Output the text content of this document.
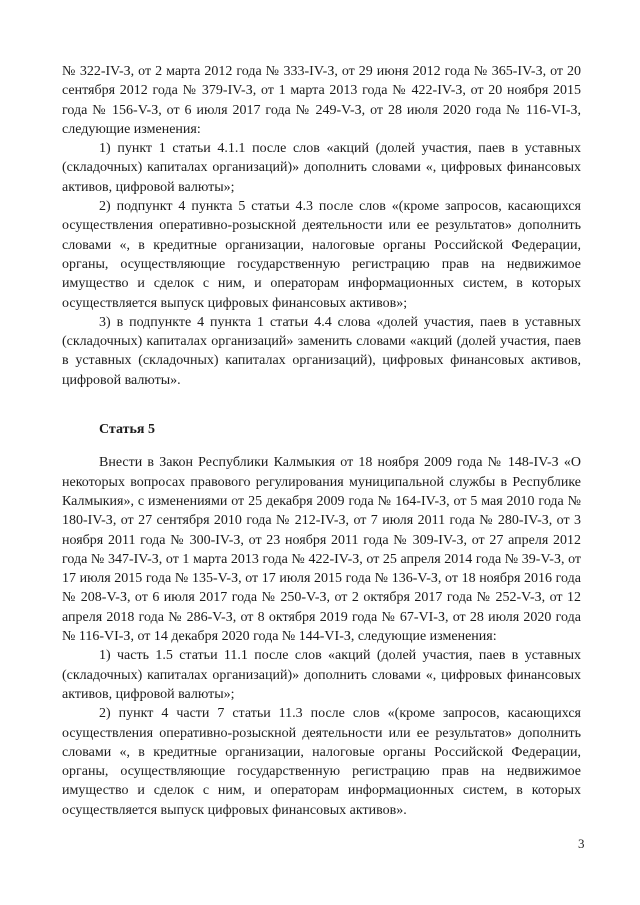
№ 322-IV-З, от 2 марта 2012 года № 333-IV-З, от 29 июня 2012 года № 365-IV-З, от 20 сентября 2012 года № 379-IV-З, от 1 марта 2013 года № 422-IV-З, от 20 ноября 2015 года № 156-V-З, от 6 июля 2017 года № 249-V-З, от 28 июля 2020 года № 116-VI-З, следующие изменения:

1) пункт 1 статьи 4.1.1 после слов «акций (долей участия, паев в уставных (складочных) капиталах организаций)» дополнить словами «, цифровых финансовых активов, цифровой валюты»;

2) подпункт 4 пункта 5 статьи 4.3 после слов «(кроме запросов, касающихся осуществления оперативно-розыскной деятельности или ее результатов» дополнить словами «, в кредитные организации, налоговые органы Российской Федерации, органы, осуществляющие государственную регистрацию прав на недвижимое имущество и сделок с ним, и операторам информационных систем, в которых осуществляется выпуск цифровых финансовых активов»;

3) в подпункте 4 пункта 1 статьи 4.4 слова «долей участия, паев в уставных (складочных) капиталах организаций» заменить словами «акций (долей участия, паев в уставных (складочных) капиталах организаций), цифровых финансовых активов, цифровой валюты».

Статья 5

Внести в Закон Республики Калмыкия от 18 ноября 2009 года № 148-IV-З «О некоторых вопросах правового регулирования муниципальной службы в Республике Калмыкия», с изменениями от 25 декабря 2009 года № 164-IV-З, от 5 мая 2010 года № 180-IV-З, от 27 сентября 2010 года № 212-IV-З, от 7 июля 2011 года № 280-IV-З, от 3 ноября 2011 года № 300-IV-З, от 23 ноября 2011 года № 309-IV-З, от 27 апреля 2012 года № 347-IV-З, от 1 марта 2013 года № 422-IV-З, от 25 апреля 2014 года № 39-V-З, от 17 июля 2015 года № 135-V-З, от 17 июля 2015 года № 136-V-З, от 18 ноября 2016 года № 208-V-З, от 6 июля 2017 года № 250-V-З, от 2 октября 2017 года № 252-V-З, от 12 апреля 2018 года № 286-V-З, от 8 октября 2019 года № 67-VI-З, от 28 июля 2020 года № 116-VI-З, от 14 декабря 2020 года № 144-VI-З, следующие изменения:

1) часть 1.5 статьи 11.1 после слов «акций (долей участия, паев в уставных (складочных) капиталах организаций)» дополнить словами «, цифровых финансовых активов, цифровой валюты»;

2) пункт 4 части 7 статьи 11.3 после слов «(кроме запросов, касающихся осуществления оперативно-розыскной деятельности или ее результатов» дополнить словами «, в кредитные организации, налоговые органы Российской Федерации, органы, осуществляющие государственную регистрацию прав на недвижимое имущество и сделок с ним, и операторам информационных систем, в которых осуществляется выпуск цифровых финансовых активов».

3
